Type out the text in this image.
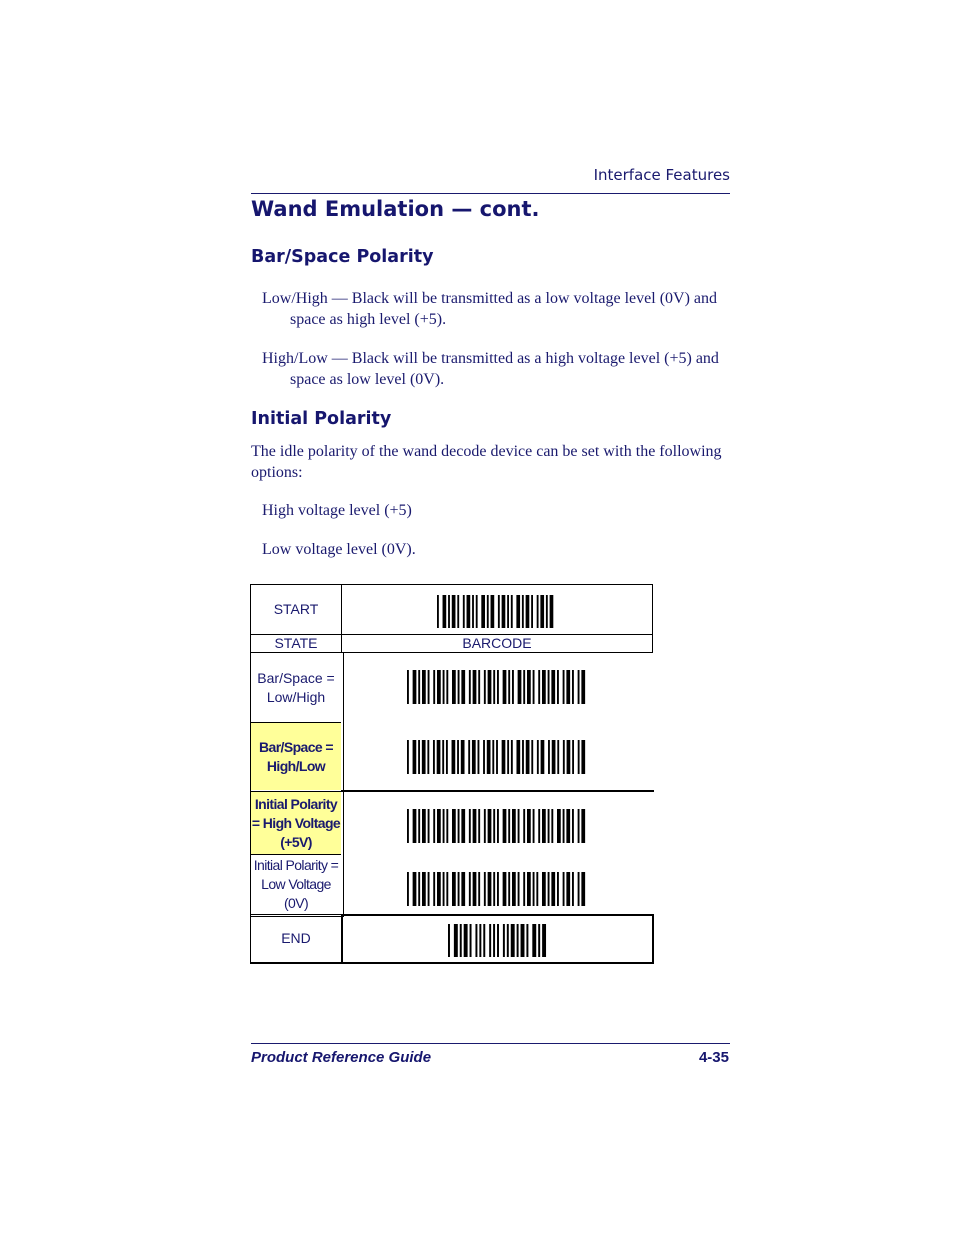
Interface Features
Wand Emulation — cont.
Bar/Space Polarity

Low/High — Black will be transmitted as a low voltage level (0V) and space as high level (+5).

High/Low — Black will be transmitted as a high voltage level (+5) and space as low level (0V).

Initial Polarity

The idle polarity of the wand decode device can be set with the following options:

High voltage level (+5)

Low voltage level (0V).

START
STATE	BARCODE
Bar/Space = Low/High
Bar/Space = High/Low
Initial Polarity = High Voltage (+5V)
Initial Polarity = Low Voltage (0V)
END
Product Reference Guide	4-35
